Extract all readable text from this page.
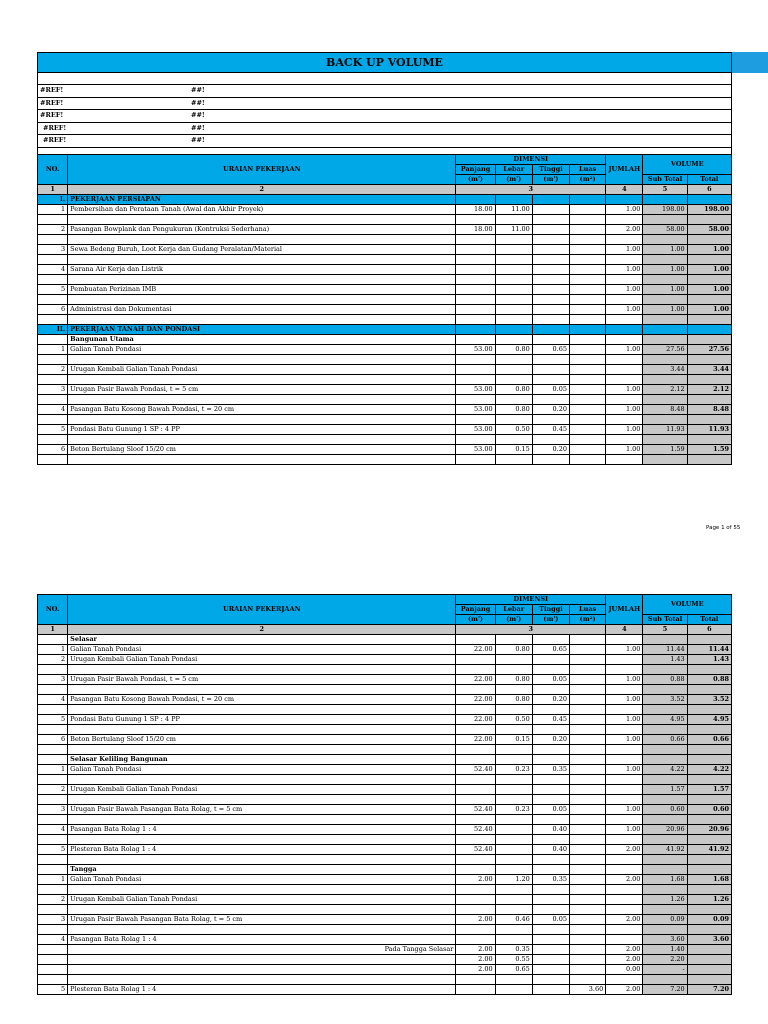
BACK UP VOLUME
#REF!	##!
#REF!	##!
#REF!	##!
#REF!	##!
#REF!	##!
NO.	URAIAN PEKERJAAN	DIMENSI				JUMLAH	VOLUME	
		Panjang	Lebar	Tinggi	Luas			
		(m')	(m')	(m')	(m²)		Sub Total	Total
1	2	3				4	5	6
I.	PEKERJAAN PERSIAPAN							
1	Pembersihan dan Perataan Tanah (Awal dan Akhir Proyek)	18.00	11.00			1.00	198.00	198.00

2	Pasangan Bowplank dan Pengukuran (Kontruksi Sederhana)	18.00	11.00			2.00	58.00	58.00

3	Sewa Bedeng Buruh, Loot Kerja dan Gudang Peralatan/Material					1.00	1.00	1.00

4	Sarana Air Kerja dan Listrik					1.00	1.00	1.00

5	Pembuatan Perizinan IMB					1.00	1.00	1.00

6	Administrasi dan Dokumentasi					1.00	1.00	1.00

II.	PEKERJAAN TANAH DAN PONDASI							
	Bangunan Utama							
1	Galian Tanah Pondasi	53.00	0.80	0.65		1.00	27.56	27.56

2	Urugan Kembali Galian Tanah Pondasi						3.44	3.44

3	Urugan Pasir Bawah Pondasi, t = 5 cm	53.00	0.80	0.05		1.00	2.12	2.12

4	Pasangan Batu Kosong Bawah Pondasi, t = 20 cm	53.00	0.80	0.20		1.00	8.48	8.48

5	Pondasi Batu Gunung 1 SP : 4 PP	53.00	0.50	0.45		1.00	11.93	11.93

6	Beton Bertulang Sloof 15/20 cm	53.00	0.15	0.20		1.00	1.59	1.59

Page 1 of 55
NO.	URAIAN PEKERJAAN	DIMENSI				JUMLAH	VOLUME	
		Panjang	Lebar	Tinggi	Luas			
		(m')	(m')	(m')	(m²)		Sub Total	Total
1	2	3				4	5	6
	Selasar							
1	Galian Tanah Pondasi	22.00	0.80	0.65		1.00	11.44	11.44
2	Urugan Kembali Galian Tanah Pondasi						1.43	1.43

3	Urugan Pasir Bawah Pondasi, t = 5 cm	22.00	0.80	0.05		1.00	0.88	0.88

4	Pasangan Batu Kosong Bawah Pondasi, t = 20 cm	22.00	0.80	0.20		1.00	3.52	3.52

5	Pondasi Batu Gunung 1 SP : 4 PP	22.00	0.50	0.45		1.00	4.95	4.95

6	Beton Bertulang Sloof 15/20 cm	22.00	0.15	0.20		1.00	0.66	0.66

	Selasar Keliling Bangunan							
1	Galian Tanah Pondasi	52.40	0.23	0.35		1.00	4.22	4.22

2	Urugan Kembali Galian Tanah Pondasi						1.57	1.57

3	Urugan Pasir Bawah Pasangan Bata Rolag, t = 5 cm	52.40	0.23	0.05		1.00	0.60	0.60

4	Pasangan Bata Rolag 1 : 4	52.40		0.40		1.00	20.96	20.96

5	Plesteran Bata Rolag 1 : 4	52.40		0.40		2.00	41.92	41.92

	Tangga							
1	Galian Tanah Pondasi	2.00	1.20	0.35		2.00	1.68	1.68

2	Urugan Kembali Galian Tanah Pondasi						1.26	1.26

3	Urugan Pasir Bawah Pasangan Bata Rolag, t = 5 cm	2.00	0.46	0.05		2.00	0.09	0.09

4	Pasangan Bata Rolag 1 : 4						3.60	3.60
	Pada Tangga Selasar	2.00	0.35			2.00	1.40	
		2.00	0.55			2.00	2.20	
		2.00	0.65			0.00	-	

5	Plesteran Bata Rolag 1 : 4				3.60	2.00	7.20	7.20
